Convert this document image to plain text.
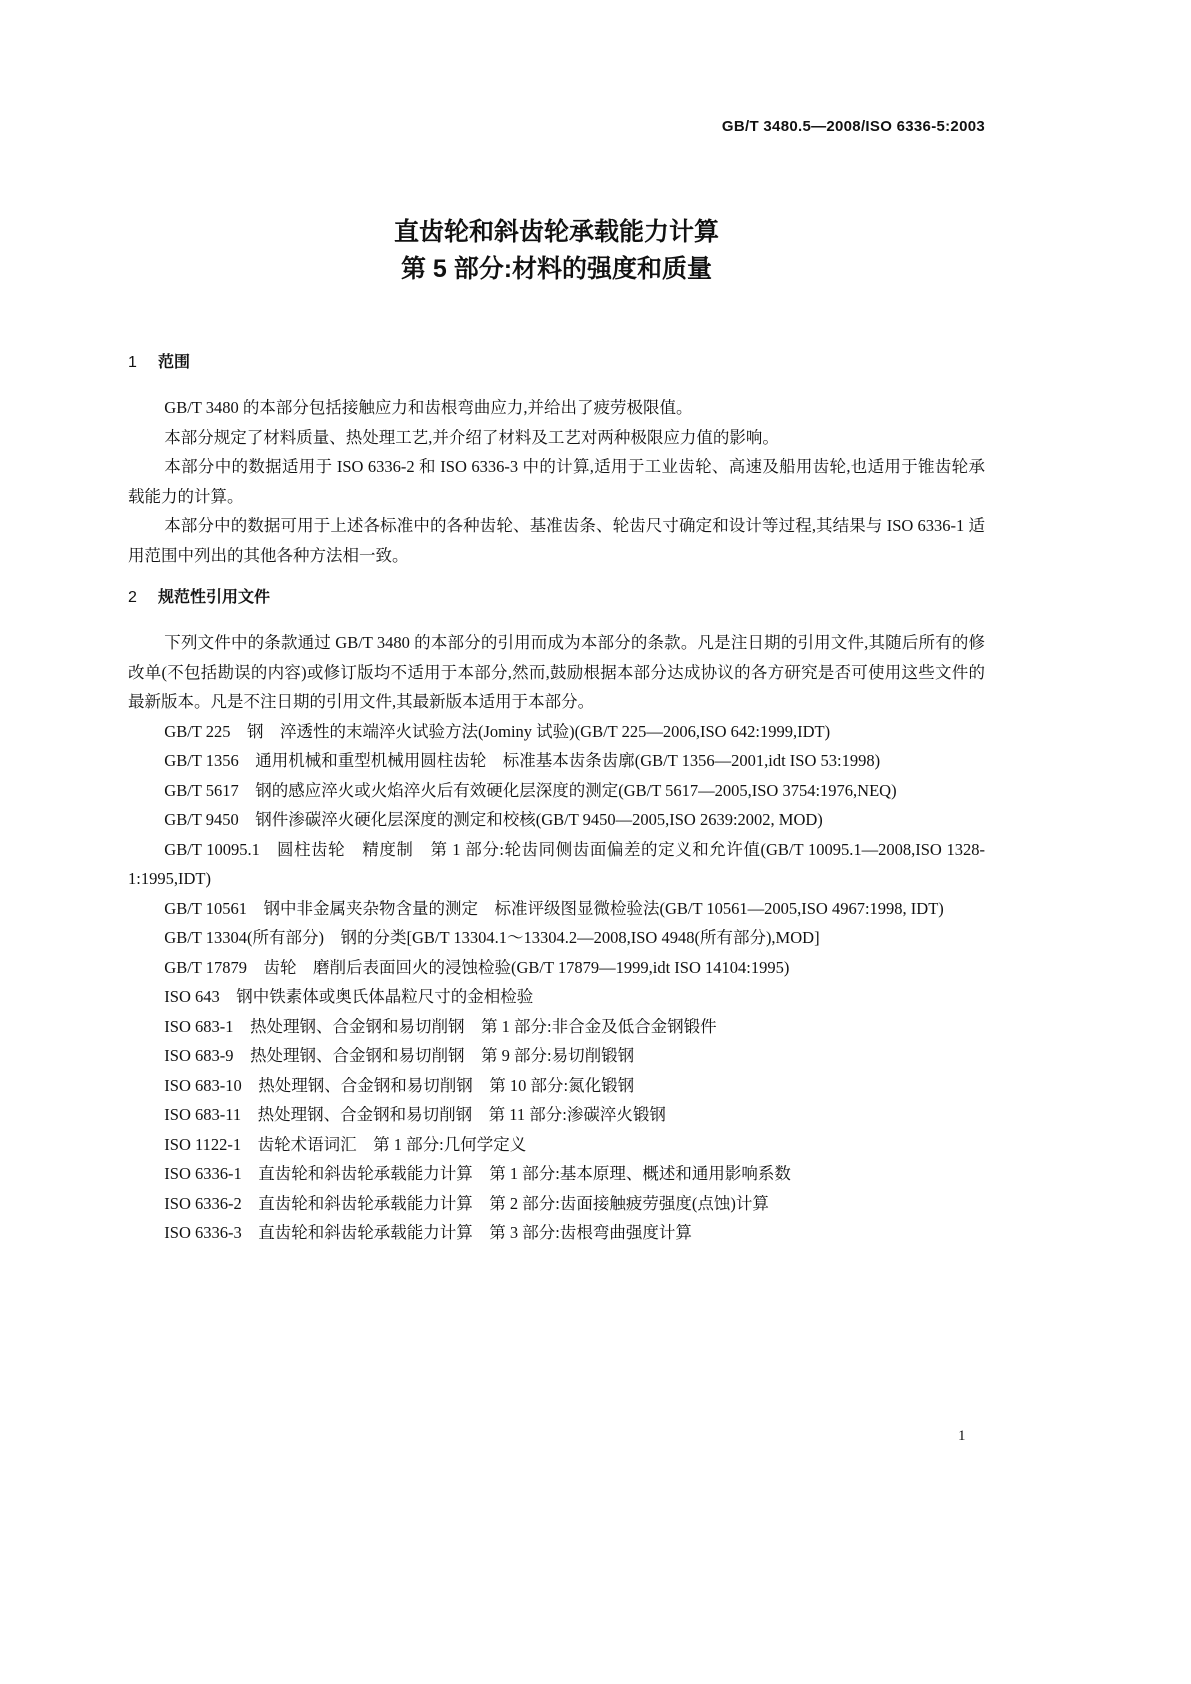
GB/T 3480.5—2008/ISO 6336-5:2003
直齿轮和斜齿轮承载能力计算
第 5 部分:材料的强度和质量
1 范围

GB/T 3480 的本部分包括接触应力和齿根弯曲应力,并给出了疲劳极限值。

本部分规定了材料质量、热处理工艺,并介绍了材料及工艺对两种极限应力值的影响。

本部分中的数据适用于 ISO 6336-2 和 ISO 6336-3 中的计算,适用于工业齿轮、高速及船用齿轮,也适用于锥齿轮承载能力的计算。

本部分中的数据可用于上述各标准中的各种齿轮、基准齿条、轮齿尺寸确定和设计等过程,其结果与 ISO 6336-1 适用范围中列出的其他各种方法相一致。

2 规范性引用文件

下列文件中的条款通过 GB/T 3480 的本部分的引用而成为本部分的条款。凡是注日期的引用文件,其随后所有的修改单(不包括勘误的内容)或修订版均不适用于本部分,然而,鼓励根据本部分达成协议的各方研究是否可使用这些文件的最新版本。凡是不注日期的引用文件,其最新版本适用于本部分。

GB/T 225 钢　淬透性的末端淬火试验方法(Jominy 试验)(GB/T 225—2006,ISO 642:1999,IDT)

GB/T 1356 通用机械和重型机械用圆柱齿轮　标准基本齿条齿廓(GB/T 1356—2001,idt ISO 53:1998)

GB/T 5617 钢的感应淬火或火焰淬火后有效硬化层深度的测定(GB/T 5617—2005,ISO 3754:1976,NEQ)

GB/T 9450 钢件渗碳淬火硬化层深度的测定和校核(GB/T 9450—2005,ISO 2639:2002, MOD)

GB/T 10095.1 圆柱齿轮　精度制　第 1 部分:轮齿同侧齿面偏差的定义和允许值(GB/T 10095.1—2008,ISO 1328-1:1995,IDT)

GB/T 10561 钢中非金属夹杂物含量的测定　标准评级图显微检验法(GB/T 10561—2005,ISO 4967:1998, IDT)

GB/T 13304(所有部分) 钢的分类[GB/T 13304.1～13304.2—2008,ISO 4948(所有部分),MOD]

GB/T 17879 齿轮　磨削后表面回火的浸蚀检验(GB/T 17879—1999,idt ISO 14104:1995)

ISO 643 钢中铁素体或奥氏体晶粒尺寸的金相检验

ISO 683-1 热处理钢、合金钢和易切削钢　第 1 部分:非合金及低合金钢锻件

ISO 683-9 热处理钢、合金钢和易切削钢　第 9 部分:易切削锻钢

ISO 683-10 热处理钢、合金钢和易切削钢　第 10 部分:氮化锻钢

ISO 683-11 热处理钢、合金钢和易切削钢　第 11 部分:渗碳淬火锻钢

ISO 1122-1 齿轮术语词汇　第 1 部分:几何学定义

ISO 6336-1 直齿轮和斜齿轮承载能力计算　第 1 部分:基本原理、概述和通用影响系数

ISO 6336-2 直齿轮和斜齿轮承载能力计算　第 2 部分:齿面接触疲劳强度(点蚀)计算

ISO 6336-3 直齿轮和斜齿轮承载能力计算　第 3 部分:齿根弯曲强度计算

1
